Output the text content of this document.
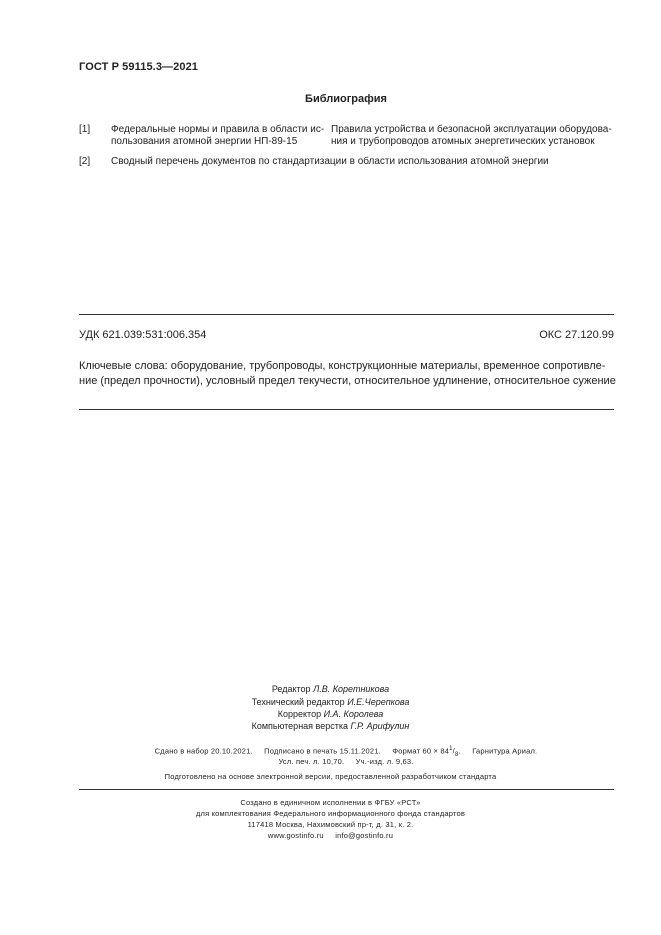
ГОСТ Р 59115.3—2021
Библиография
[1] Федеральные нормы и правила в области ис-
пользования атомной энергии НП-89-15
Правила устройства и безопасной эксплуатации оборудова-
ния и трубопроводов атомных энергетических установок
[2] Сводный перечень документов по стандартизации в области использования атомной энергии
УДК 621.039:531:006.354	ОКС 27.120.99
Ключевые слова: оборудование, трубопроводы, конструкционные материалы, временное сопротивле-
ние (предел прочности), условный предел текучести, относительное удлинение, относительное сужение
Редактор Л.В. Коретникова
Технический редактор И.Е.Черепкова
Корректор И.А. Королева
Компьютерная верстка Г.Р. Арифулин
Сдано в набор 20.10.2021.     Подписано в печать 15.11.2021.     Формат $60 \times 84^1/_8$.     Гарнитура Ариал.
Усл. печ. л. 10,70.     Уч.-изд. л. 9,63.
Подготовлено на основе электронной версии, предоставленной разработчиком стандарта
Создано в единичном исполнении в ФГБУ «РСТ»
для комплектования Федерального информационного фонда стандартов
117418 Москва, Нахимовский пр-т, д. 31, к. 2.
www.gostinfo.ru     info@gostinfo.ru
